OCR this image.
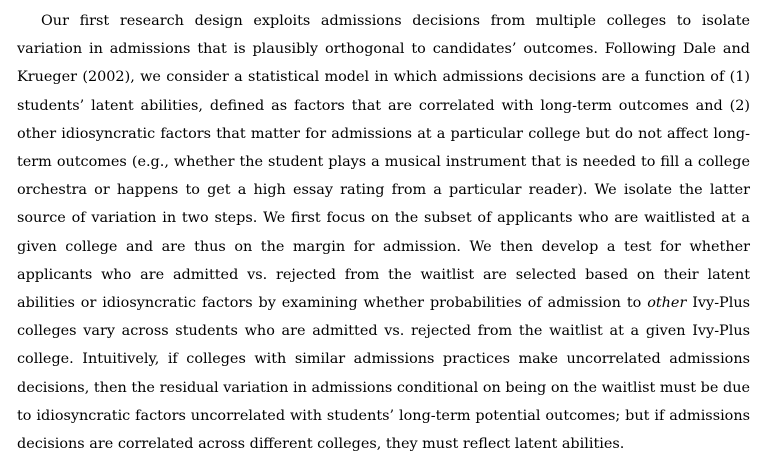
Our first research design exploits admissions decisions from multiple colleges to isolate variation in admissions that is plausibly orthogonal to candidates’ outcomes. Following Dale and Krueger (2002), we consider a statistical model in which admissions decisions are a function of (1) students’ latent abilities, defined as factors that are correlated with long-term outcomes and (2) other idiosyncratic factors that matter for admissions at a particular college but do not affect long-term outcomes (e.g., whether the student plays a musical instrument that is needed to fill a college orchestra or happens to get a high essay rating from a particular reader). We isolate the latter source of variation in two steps. We first focus on the subset of applicants who are waitlisted at a given college and are thus on the margin for admission. We then develop a test for whether applicants who are admitted vs. rejected from the waitlist are selected based on their latent abilities or idiosyncratic factors by examining whether probabilities of admission to other Ivy-Plus colleges vary across students who are admitted vs. rejected from the waitlist at a given Ivy-Plus college. Intuitively, if colleges with similar admissions practices make uncorrelated admissions decisions, then the residual variation in admissions conditional on being on the waitlist must be due to idiosyncratic factors uncorrelated with students’ long-term potential outcomes; but if admissions decisions are correlated across different colleges, they must reflect latent abilities.
